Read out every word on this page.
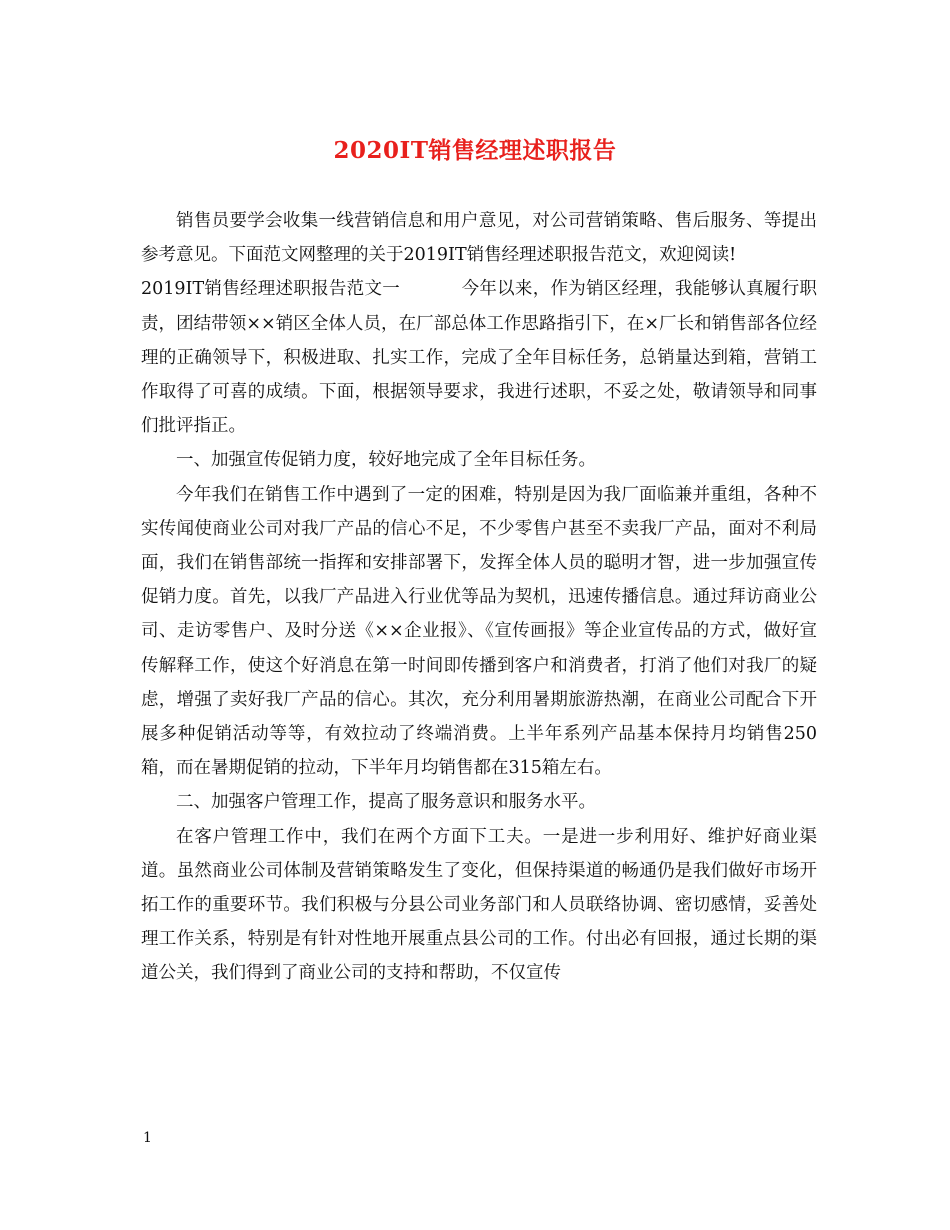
2020IT销售经理述职报告

销售员要学会收集一线营销信息和用户意见，对公司营销策略、售后服务、等提出参考意见。下面范文网整理的关于2019IT销售经理述职报告范文，欢迎阅读!

2019IT销售经理述职报告范文一	今年以来，作为销区经理，我能够认真履行职责，团结带领××销区全体人员，在厂部总体工作思路指引下，在×厂长和销售部各位经理的正确领导下，积极进取、扎实工作，完成了全年目标任务，总销量达到箱，营销工作取得了可喜的成绩。下面，根据领导要求，我进行述职，不妥之处，敬请领导和同事们批评指正。

一、加强宣传促销力度，较好地完成了全年目标任务。

今年我们在销售工作中遇到了一定的困难，特别是因为我厂面临兼并重组，各种不实传闻使商业公司对我厂产品的信心不足，不少零售户甚至不卖我厂产品，面对不利局面，我们在销售部统一指挥和安排部署下，发挥全体人员的聪明才智，进一步加强宣传促销力度。首先，以我厂产品进入行业优等品为契机，迅速传播信息。通过拜访商业公司、走访零售户、及时分送《××企业报》、《宣传画报》等企业宣传品的方式，做好宣传解释工作，使这个好消息在第一时间即传播到客户和消费者，打消了他们对我厂的疑虑，增强了卖好我厂产品的信心。其次，充分利用暑期旅游热潮，在商业公司配合下开展多种促销活动等等，有效拉动了终端消费。上半年系列产品基本保持月均销售250箱，而在暑期促销的拉动，下半年月均销售都在315箱左右。

二、加强客户管理工作，提高了服务意识和服务水平。

在客户管理工作中，我们在两个方面下工夫。一是进一步利用好、维护好商业渠道。虽然商业公司体制及营销策略发生了变化，但保持渠道的畅通仍是我们做好市场开拓工作的重要环节。我们积极与分县公司业务部门和人员联络协调、密切感情，妥善处理工作关系，特别是有针对性地开展重点县公司的工作。付出必有回报，通过长期的渠道公关，我们得到了商业公司的支持和帮助，不仅宣传

1
